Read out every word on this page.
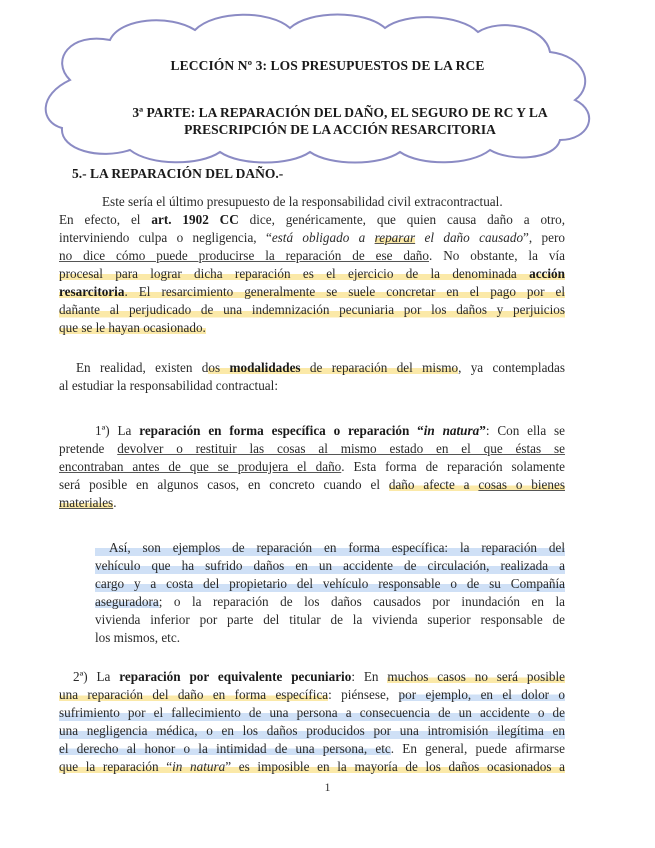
LECCIÓN Nº 3: LOS PRESUPUESTOS DE LA RCE
3ª PARTE: LA REPARACIÓN DEL DAÑO, EL SEGURO DE RC Y LA
PRESCRIPCIÓN DE LA ACCIÓN RESARCITORIA
5.- LA REPARACIÓN DEL DAÑO.-
Este sería el último presupuesto de la responsabilidad civil extracontractual.
En efecto, el art. 1902 CC dice, genéricamente, que quien causa daño a otro,
interviniendo culpa o negligencia, “está obligado a reparar el daño causado”, pero
no dice cómo puede producirse la reparación de ese daño. No obstante, la vía
procesal para lograr dicha reparación es el ejercicio de la denominada acción
resarcitoria. El resarcimiento generalmente se suele concretar en el pago por el
dañante al perjudicado de una indemnización pecuniaria por los daños y perjuicios
que se le hayan ocasionado.
En realidad, existen dos modalidades de reparación del mismo, ya contempladas
al estudiar la responsabilidad contractual:
1ª) La reparación en forma específica o reparación “in natura”: Con ella se
pretende devolver o restituir las cosas al mismo estado en el que éstas se
encontraban antes de que se produjera el daño. Esta forma de reparación solamente
será posible en algunos casos, en concreto cuando el daño afecte a cosas o bienes
materiales.
Así, son ejemplos de reparación en forma específica: la reparación del
vehículo que ha sufrido daños en un accidente de circulación, realizada a
cargo y a costa del propietario del vehículo responsable o de su Compañía
aseguradora; o la reparación de los daños causados por inundación en la
vivienda inferior por parte del titular de la vivienda superior responsable de
los mismos, etc.
2ª) La reparación por equivalente pecuniario: En muchos casos no será posible
una reparación del daño en forma específica: piénsese, por ejemplo, en el dolor o
sufrimiento por el fallecimiento de una persona a consecuencia de un accidente o de
una negligencia médica, o en los daños producidos por una intromisión ilegítima en
el derecho al honor o la intimidad de una persona, etc. En general, puede afirmarse
que la reparación “in natura” es imposible en la mayoría de los daños ocasionados a
1
